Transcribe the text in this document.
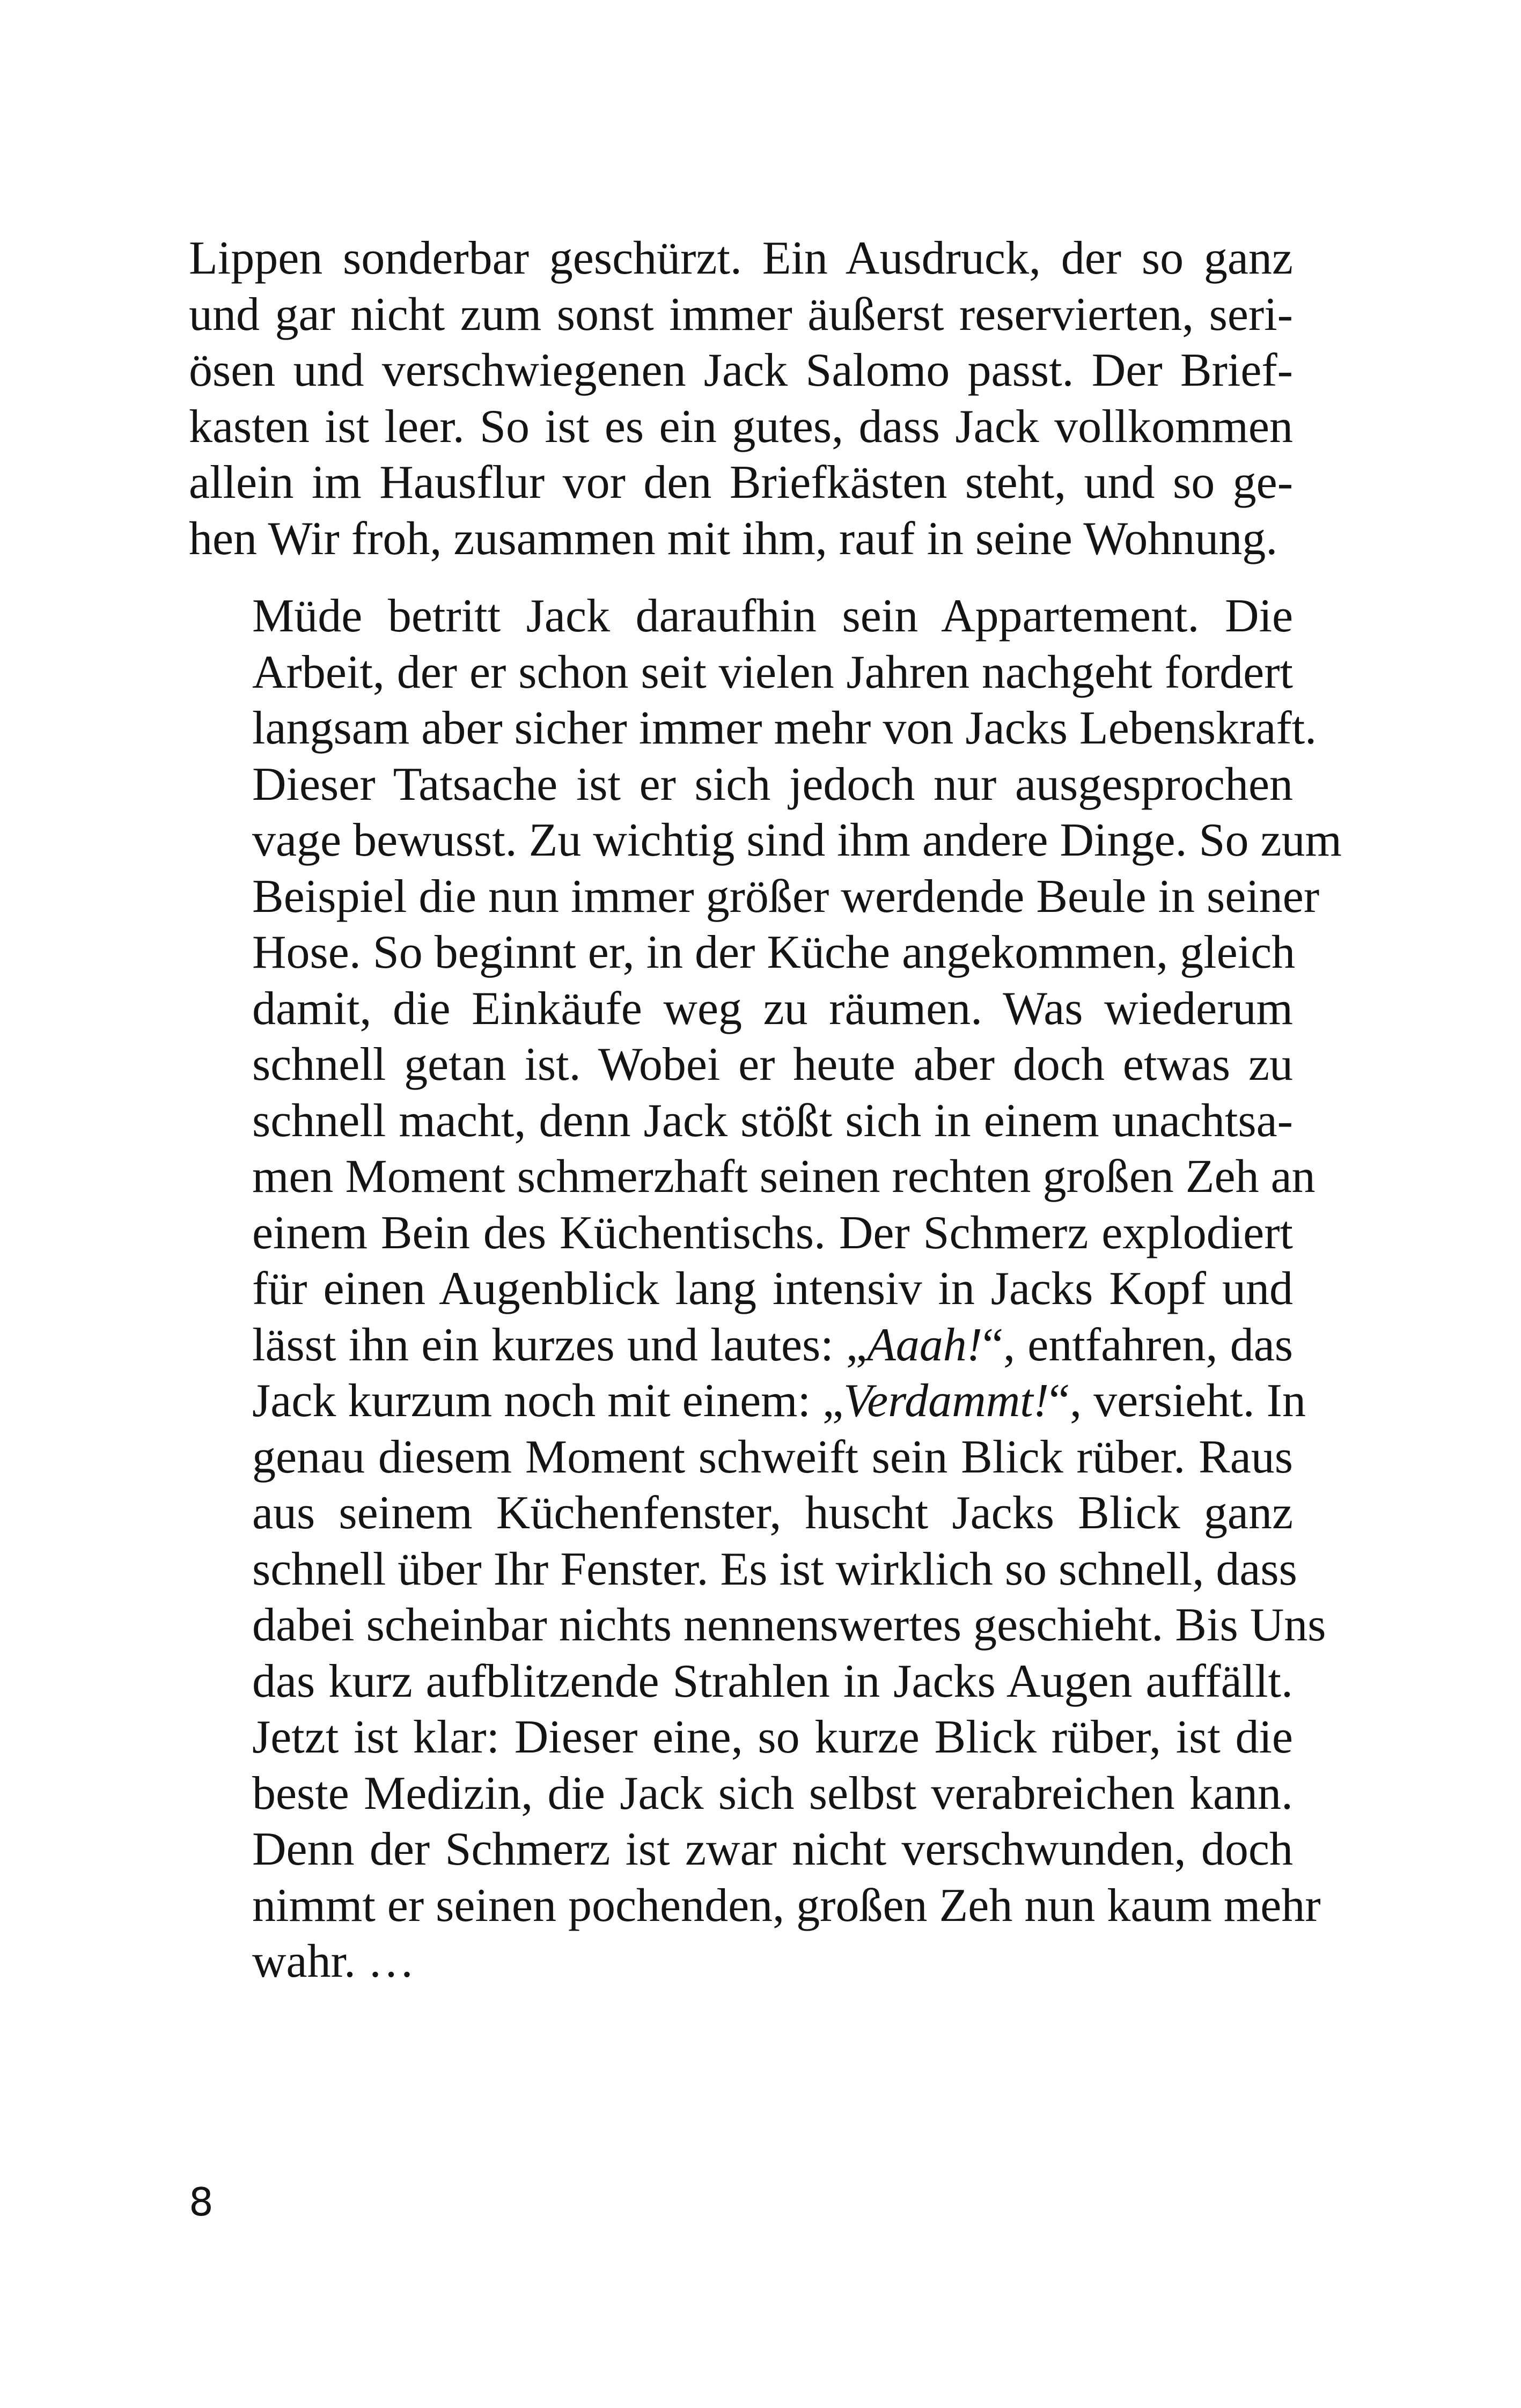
Lippen sonderbar geschürzt. Ein Ausdruck, der so ganz
und gar nicht zum sonst immer äußerst reservierten, seri-
ösen und verschwiegenen Jack Salomo passt. Der Brief-
kasten ist leer. So ist es ein gutes, dass Jack vollkommen
allein im Hausflur vor den Briefkästen steht, und so ge-
hen Wir froh, zusammen mit ihm, rauf in seine Wohnung.

Müde betritt Jack daraufhin sein Appartement. Die
Arbeit, der er schon seit vielen Jahren nachgeht fordert
langsam aber sicher immer mehr von Jacks Lebenskraft.
Dieser Tatsache ist er sich jedoch nur ausgesprochen
vage bewusst. Zu wichtig sind ihm andere Dinge. So zum
Beispiel die nun immer größer werdende Beule in seiner
Hose. So beginnt er, in der Küche angekommen, gleich
damit, die Einkäufe weg zu räumen. Was wiederum
schnell getan ist. Wobei er heute aber doch etwas zu
schnell macht, denn Jack stößt sich in einem unachtsa-
men Moment schmerzhaft seinen rechten großen Zeh an
einem Bein des Küchentischs. Der Schmerz explodiert
für einen Augenblick lang intensiv in Jacks Kopf und
lässt ihn ein kurzes und lautes: „Aaah!“, entfahren, das
Jack kurzum noch mit einem: „Verdammt!“, versieht. In
genau diesem Moment schweift sein Blick rüber. Raus
aus seinem Küchenfenster, huscht Jacks Blick ganz
schnell über Ihr Fenster. Es ist wirklich so schnell, dass
dabei scheinbar nichts nennenswertes geschieht. Bis Uns
das kurz aufblitzende Strahlen in Jacks Augen auffällt.
Jetzt ist klar: Dieser eine, so kurze Blick rüber, ist die
beste Medizin, die Jack sich selbst verabreichen kann.
Denn der Schmerz ist zwar nicht verschwunden, doch
nimmt er seinen pochenden, großen Zeh nun kaum mehr
wahr. …

8
